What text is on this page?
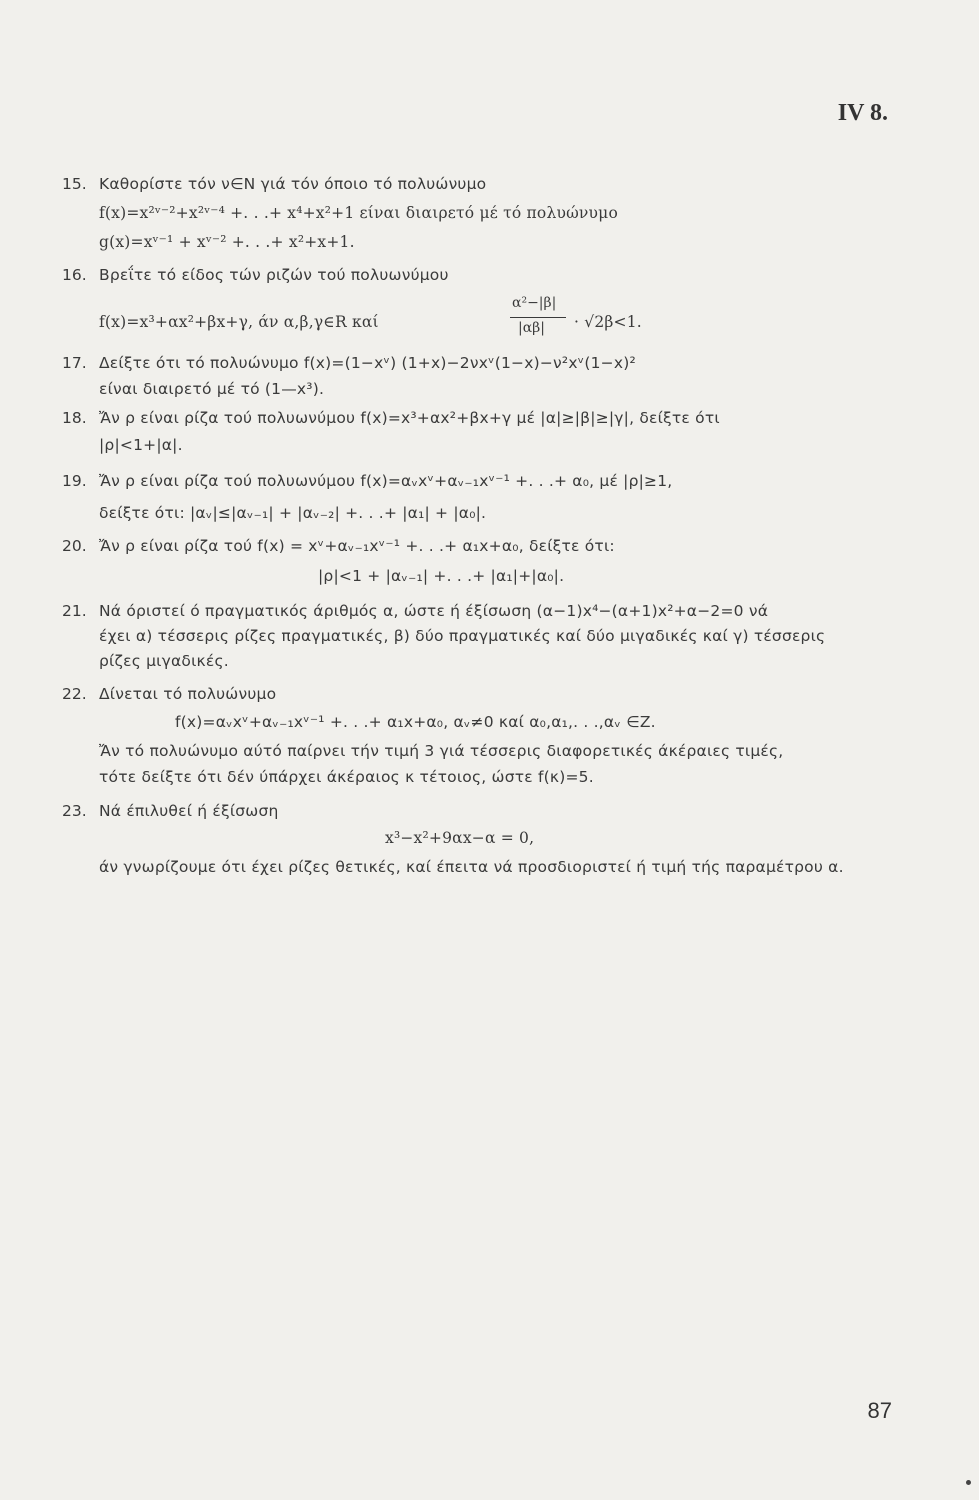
IV 8.
15. Καθορίστε τόν ν∈N γιά τόν όποιο τό πολυώνυμο
f(x)=x²ᵛ⁻²+x²ᵛ⁻⁴ +. . .+ x⁴+x²+1 είναι διαιρετό μέ τό πολυώνυμο
g(x)=xᵛ⁻¹ + xᵛ⁻² +. . .+ x²+x+1.
16. Βρεΐτε τό είδος τών ριζών τού πολυωνύμου
f(x)=x³+αx²+βx+γ, άν α,β,γ∈R καί
α²−|β|
|αβ| · √2β<1.
17. Δείξτε ότι τό πολυώνυμο f(x)=(1−xᵛ) (1+x)−2νxᵛ(1−x)−ν²xᵛ(1−x)²
είναι διαιρετό μέ τό (1—x³).
18. Ἄν ρ είναι ρίζα τού πολυωνύμου f(x)=x³+αx²+βx+γ μέ |α|≥|β|≥|γ|, δείξτε ότι
|ρ|<1+|α|.
19. Ἄν ρ είναι ρίζα τού πολυωνύμου f(x)=αᵥxᵛ+αᵥ₋₁xᵛ⁻¹ +. . .+ α₀, μέ |ρ|≥1,
δείξτε ότι: |αᵥ|≤|αᵥ₋₁| + |αᵥ₋₂| +. . .+ |α₁| + |α₀|.
20. Ἄν ρ είναι ρίζα τού f(x) = xᵛ+αᵥ₋₁xᵛ⁻¹ +. . .+ α₁x+α₀, δείξτε ότι:
|ρ|<1 + |αᵥ₋₁| +. . .+ |α₁|+|α₀|.
21. Νά όριστεί ό πραγματικός άριθμός α, ώστε ή έξίσωση (α−1)x⁴−(α+1)x²+α−2=0 νά
έχει α) τέσσερις ρίζες πραγματικές, β) δύο πραγματικές καί δύο μιγαδικές καί γ) τέσσερις
ρίζες μιγαδικές.
22. Δίνεται τό πολυώνυμο
f(x)=αᵥxᵛ+αᵥ₋₁xᵛ⁻¹ +. . .+ α₁x+α₀, αᵥ≠0 καί α₀,α₁,. . .,αᵥ ∈Z.
Ἄν τό πολυώνυμο αύτό παίρνει τήν τιμή 3 γιά τέσσερις διαφορετικές άκέραιες τιμές,
τότε δείξτε ότι δέν ύπάρχει άκέραιος κ τέτοιος, ώστε f(κ)=5.
23. Νά έπιλυθεί ή έξίσωση
x³−x²+9αx−α = 0,
άν γνωρίζουμε ότι έχει ρίζες θετικές, καί έπειτα νά προσδιοριστεί ή τιμή τής παραμέτρου α.
87
